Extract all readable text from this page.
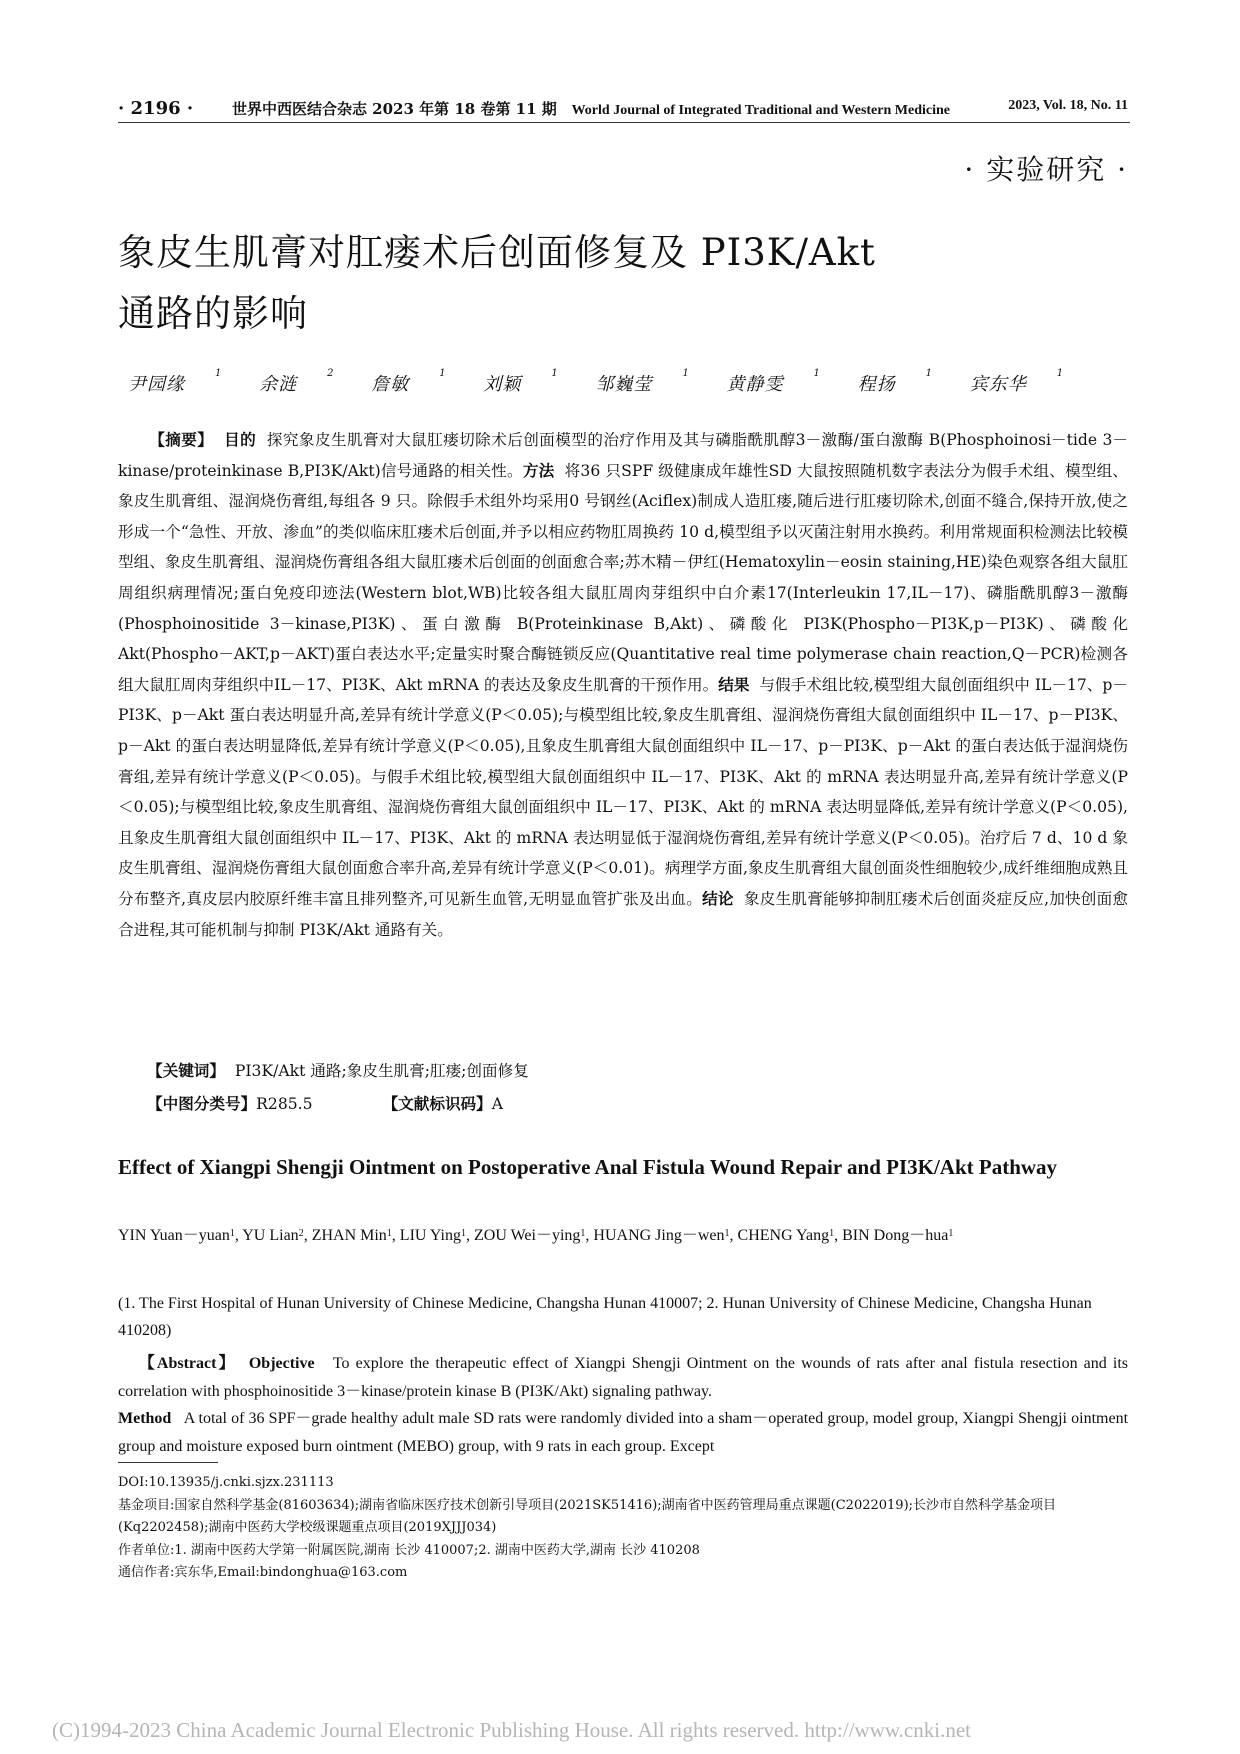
· 2196 ·	世界中西医结合杂志 2023 年第 18 卷第 11 期 World Journal of Integrated Traditional and Western Medicine	2023, Vol. 18, No. 11
· 实验研究 ·
象皮生肌膏对肛瘘术后创面修复及 PI3K/Akt
通路的影响
尹园缘$^1$ 余涟$^2$ 詹敏$^1$ 刘颖$^1$ 邹巍莹$^1$ 黄静雯$^1$ 程扬$^1$ 宾东华$^1$
【摘要】 目的 探究象皮生肌膏对大鼠肛瘘切除术后创面模型的治疗作用及其与磷脂酰肌醇3－激酶/蛋白激酶 B(Phosphoinosi－tide 3－kinase/proteinkinase B,PI3K/Akt)信号通路的相关性。方法 将36 只SPF 级健康成年雄性SD 大鼠按照随机数字表法分为假手术组、模型组、象皮生肌膏组、湿润烧伤膏组,每组各 9 只。除假手术组外均采用0 号钢丝(Aciflex)制成人造肛瘘,随后进行肛瘘切除术,创面不缝合,保持开放,使之形成一个“急性、开放、渗血”的类似临床肛瘘术后创面,并予以相应药物肛周换药 10 d,模型组予以灭菌注射用水换药。利用常规面积检测法比较模型组、象皮生肌膏组、湿润烧伤膏组各组大鼠肛瘘术后创面的创面愈合率;苏木精－伊红(Hematoxylin－eosin staining,HE)染色观察各组大鼠肛周组织病理情况;蛋白免疫印迹法(Western blot,WB)比较各组大鼠肛周肉芽组织中白介素17(Interleukin 17,IL－17)、磷脂酰肌醇3－激酶(Phosphoinositide 3－kinase,PI3K)、蛋白激酶 B(Proteinkinase B,Akt)、磷酸化 PI3K(Phospho－PI3K,p－PI3K)、磷酸化 Akt(Phospho－AKT,p－AKT)蛋白表达水平;定量实时聚合酶链锁反应(Quantitative real time polymerase chain reaction,Q－PCR)检测各组大鼠肛周肉芽组织中IL－17、PI3K、Akt mRNA 的表达及象皮生肌膏的干预作用。结果 与假手术组比较,模型组大鼠创面组织中 IL－17、p－PI3K、p－Akt 蛋白表达明显升高,差异有统计学意义(P＜0.05);与模型组比较,象皮生肌膏组、湿润烧伤膏组大鼠创面组织中 IL－17、p－PI3K、p－Akt 的蛋白表达明显降低,差异有统计学意义(P＜0.05),且象皮生肌膏组大鼠创面组织中 IL－17、p－PI3K、p－Akt 的蛋白表达低于湿润烧伤膏组,差异有统计学意义(P＜0.05)。与假手术组比较,模型组大鼠创面组织中 IL－17、PI3K、Akt 的 mRNA 表达明显升高,差异有统计学意义(P＜0.05);与模型组比较,象皮生肌膏组、湿润烧伤膏组大鼠创面组织中 IL－17、PI3K、Akt 的 mRNA 表达明显降低,差异有统计学意义(P＜0.05),且象皮生肌膏组大鼠创面组织中 IL－17、PI3K、Akt 的 mRNA 表达明显低于湿润烧伤膏组,差异有统计学意义(P＜0.05)。治疗后 7 d、10 d 象皮生肌膏组、湿润烧伤膏组大鼠创面愈合率升高,差异有统计学意义(P＜0.01)。病理学方面,象皮生肌膏组大鼠创面炎性细胞较少,成纤维细胞成熟且分布整齐,真皮层内胶原纤维丰富且排列整齐,可见新生血管,无明显血管扩张及出血。结论 象皮生肌膏能够抑制肛瘘术后创面炎症反应,加快创面愈合进程,其可能机制与抑制 PI3K/Akt 通路有关。
【关键词】 PI3K/Akt 通路;象皮生肌膏;肛瘘;创面修复
【中图分类号】R285.5	【文献标识码】A
Effect of Xiangpi Shengji Ointment on Postoperative Anal Fistula Wound Repair and PI3K/Akt Pathway
YIN Yuan－yuan$^1$, YU Lian$^2$, ZHAN Min$^1$, LIU Ying$^1$, ZOU Wei－ying$^1$, HUANG Jing－wen$^1$, CHENG Yang$^1$, BIN Dong－hua$^1$
(1. The First Hospital of Hunan University of Chinese Medicine, Changsha Hunan 410007; 2. Hunan University of Chinese Medicine, Changsha Hunan 410208)
【Abstract】 Objective To explore the therapeutic effect of Xiangpi Shengji Ointment on the wounds of rats after anal fistula resection and its correlation with phosphoinositide 3－kinase/protein kinase B (PI3K/Akt) signaling pathway.
Method A total of 36 SPF－grade healthy adult male SD rats were randomly divided into a sham－operated group, model group, Xiangpi Shengji ointment group and moisture exposed burn ointment (MEBO) group, with 9 rats in each group. Except
DOI:10.13935/j.cnki.sjzx.231113
基金项目:国家自然科学基金(81603634);湖南省临床医疗技术创新引导项目(2021SK51416);湖南省中医药管理局重点课题(C2022019);长沙市自然科学基金项目(Kq2202458);湖南中医药大学校级课题重点项目(2019XJJJ034)
作者单位:1. 湖南中医药大学第一附属医院,湖南 长沙 410007;2. 湖南中医药大学,湖南 长沙 410208
通信作者:宾东华,Email:bindonghua@163.com
(C)1994-2023 China Academic Journal Electronic Publishing House. All rights reserved. http://www.cnki.net
